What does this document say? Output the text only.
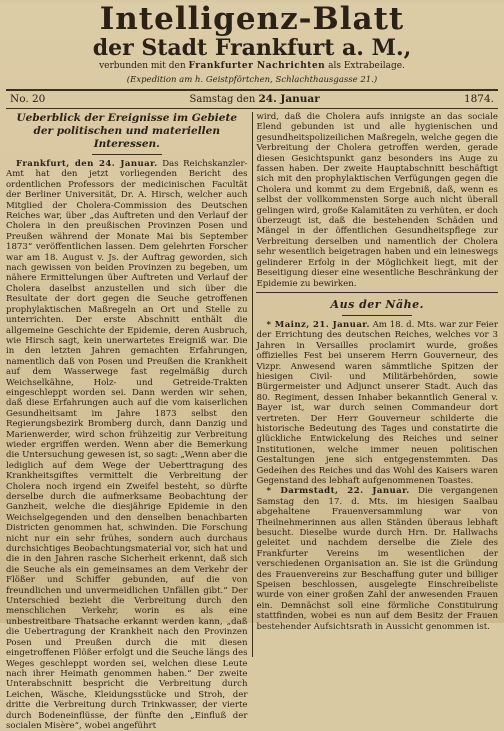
Intelligenz-Blatt
der Stadt Frankfurt a. M.,
verbunden mit den Frankfurter Nachrichten als Extrabeilage.
(Expedition am h. Geistpförtchen, Schlachthausgasse 21.)
No. 20	Samstag den 24. Januar	1874.
Ueberblick der Ereignisse im Gebiete der politischen und materiellen Interessen.

Frankfurt, den 24. Januar. Das Reichskanzler-Amt hat den jetzt vorliegenden Bericht des ordentlichen Professors der medicinischen Facultät der Berliner Universität, Dr. A. Hirsch, welcher auch Mitglied der Cholera-Commission des Deutschen Reiches war, über „das Auftreten und den Verlauf der Cholera in den preußischen Provinzen Posen und Preußen während der Monate Mai bis September 1873“ veröffentlichen lassen. Dem gelehrten Forscher war am 18. August v. Js. der Auftrag geworden, sich nach gewissen von beiden Provinzen zu begeben, um nähere Ermittelungen über Auftreten und Verlauf der Cholera daselbst anzustellen und sich über die Resultate der dort gegen die Seuche getroffenen prophylaktischen Maßregeln an Ort und Stelle zu unterrichten. Der erste Abschnitt enthält die allgemeine Geschichte der Epidemie, deren Ausbruch, wie Hirsch sagt, kein unerwartetes Ereigniß war. Die in den letzten Jahren gemachten Erfahrungen, namentlich daß von Posen und Preußen die Krankheit auf dem Wasserwege fast regelmäßig durch Weichselkähne, Holz- und Getreide-Trakten eingeschleppt worden sei. Dann werden wir sehen, daß diese Erfahrungen auch auf die vom kaiserlichen Gesundheitsamt im Jahre 1873 selbst den Regierungsbezirk Bromberg durch, dann Danzig und Marienwerder, wird schon frühzeitig zur Verbreitung wieder ergriffen werden. Wenn aber die Bemerkung die Untersuchung gewesen ist, so sagt: „Wenn aber die lediglich auf dem Wege der Ueberttragung des Krankheitsgiftes vermittelt die Verbreitung der Cholera noch irgend ein Zweifel besteht, so dürfte derselbe durch die aufmerksame Beobachtung der Ganzheit, welche die diesjährige Epidemie in den Weichselgegenden und den denselben benachbarten Districten genommen hat, schwinden. Die Forschung nicht nur ein sehr frühes, sondern auch durchaus durchsichtiges Beobachtungsmaterial vor, sich hat und die in den Jahren rasche Sicherheit erkennt, daß sich die Seuche als ein gemeinsames an dem Verkehr der Flößer und Schiffer gebunden, auf die von freundlichen und unvermeidlichen Unfällen gibt.“ Der Unterschied bezieht die Verbreitung durch den menschlichen Verkehr, worin es als eine unbestreitbare Thatsache erkannt werden kann, „daß die Uebertragung der Krankheit nach den Provinzen Posen und Preußen durch die mit diesen eingetroffenen Flößer erfolgt und die Seuche längs des Weges geschleppt worden sei, welchen diese Leute nach ihrer Heimath genommen haben.“ Der zweite Unterabschnitt bespricht die Verbreitung durch Leichen, Wäsche, Kleidungsstücke und Stroh, der dritte die Verbreitung durch Trinkwasser, der vierte durch Bodeneinflüsse, der fünfte den „Einfluß der socialen Misère“, wobei angeführt

wird, daß die Cholera aufs innigste an das sociale Elend gebunden ist und alle hygienischen und gesundheitspolizeilichen Maßregeln, welche gegen die Verbreitung der Cholera getroffen werden, gerade diesen Gesichtspunkt ganz besonders ins Auge zu fassen haben. Der zweite Hauptabschnitt beschäftigt sich mit den prophylaktischen Verfügungen gegen die Cholera und kommt zu dem Ergebniß, daß, wenn es selbst der vollkommensten Sorge auch nicht überall gelingen wird, große Kalamitäten zu verhüten, er doch überzeugt ist, daß die bestehenden Schäden und Mängel in der öffentlichen Gesundheitspflege zur Verbreitung derselben und namentlich der Cholera sehr wesentlich beigetragen haben und ein leineswegs gelinderer Erfolg in der Möglichkeit liegt, mit der Beseitigung dieser eine wesentliche Beschränkung der Epidemie zu bewirken.

Aus der Nähe.

* Mainz, 21. Januar. Am 18. d. Mts. war zur Feier der Errichtung des deutschen Reiches, welches vor 3 Jahren in Versailles proclamirt wurde, großes offizielles Fest bei unserem Herrn Gouverneur, des Vizpr. Anwesend waren sämmtliche Spitzen der hiesigen Civil- und Militärbehörden, sowie Bürgermeister und Adjunct unserer Stadt. Auch das 80. Regiment, dessen Inhaber bekanntlich General v. Bayer ist, war durch seinen Commandeur dort vertreten. Der Herr Gouverneur schilderte die historische Bedeutung des Tages und constatirte die glückliche Entwickelung des Reiches und seiner Institutionen, welche immer neuen politischen Gestaltungen jene sich entgegenstemmten. Das Gedeihen des Reiches und das Wohl des Kaisers waren Gegenstand des lebhaft aufgenommenen Toastes.

* Darmstadt, 22. Januar. Die vergangenen Samstag den 17. d. Mts. im hiesigen Saalbau abgehaltene Frauenversammlung war von Theilnehmerinnen aus allen Ständen überaus lebhaft besucht. Dieselbe wurde durch Hrn. Dr. Hallwachs geleitet und nachdem derselbe die Ziele des Frankfurter Vereins im wesentlichen der verschiedenen Organisation an. Sie ist die Gründung des Frauenvereins zur Beschaffung guter und billiger Speisen beschlossen, ausgelegte Einschreibeliste wurde von einer großen Zahl der anwesenden Frauen ein. Demnächst soll eine förmliche Constituirung stattfinden, wobei es nun auf dem Besitz der Frauen bestehender Aufsichtsrath in Aussicht genommen ist.
